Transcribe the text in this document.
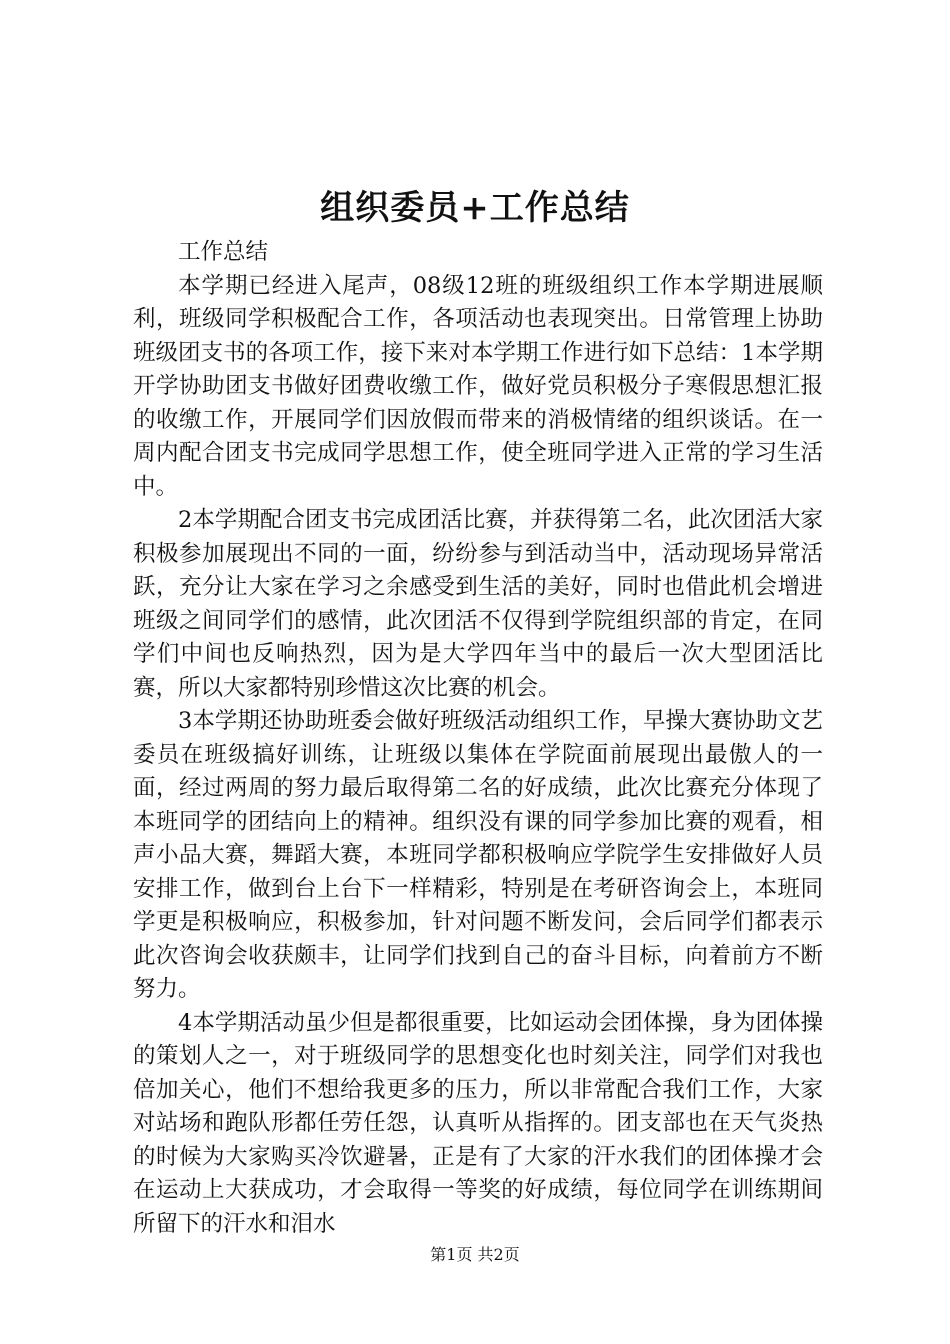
组织委员+工作总结

工作总结

本学期已经进入尾声，08级12班的班级组织工作本学期进展顺利，班级同学积极配合工作，各项活动也表现突出。日常管理上协助班级团支书的各项工作，接下来对本学期工作进行如下总结：1本学期开学协助团支书做好团费收缴工作，做好党员积极分子寒假思想汇报的收缴工作，开展同学们因放假而带来的消极情绪的组织谈话。在一周内配合团支书完成同学思想工作，使全班同学进入正常的学习生活中。

2本学期配合团支书完成团活比赛，并获得第二名，此次团活大家积极参加展现出不同的一面，纷纷参与到活动当中，活动现场异常活跃，充分让大家在学习之余感受到生活的美好，同时也借此机会增进班级之间同学们的感情，此次团活不仅得到学院组织部的肯定，在同学们中间也反响热烈，因为是大学四年当中的最后一次大型团活比赛，所以大家都特别珍惜这次比赛的机会。

3本学期还协助班委会做好班级活动组织工作，早操大赛协助文艺委员在班级搞好训练，让班级以集体在学院面前展现出最傲人的一面，经过两周的努力最后取得第二名的好成绩，此次比赛充分体现了本班同学的团结向上的精神。组织没有课的同学参加比赛的观看，相声小品大赛，舞蹈大赛，本班同学都积极响应学院学生安排做好人员安排工作，做到台上台下一样精彩，特别是在考研咨询会上，本班同学更是积极响应，积极参加，针对问题不断发问，会后同学们都表示此次咨询会收获颇丰，让同学们找到自己的奋斗目标，向着前方不断努力。

4本学期活动虽少但是都很重要，比如运动会团体操，身为团体操的策划人之一，对于班级同学的思想变化也时刻关注，同学们对我也倍加关心，他们不想给我更多的压力，所以非常配合我们工作，大家对站场和跑队形都任劳任怨，认真听从指挥的。团支部也在天气炎热的时候为大家购买冷饮避暑，正是有了大家的汗水我们的团体操才会在运动上大获成功，才会取得一等奖的好成绩，每位同学在训练期间所留下的汗水和泪水

第1页 共2页
